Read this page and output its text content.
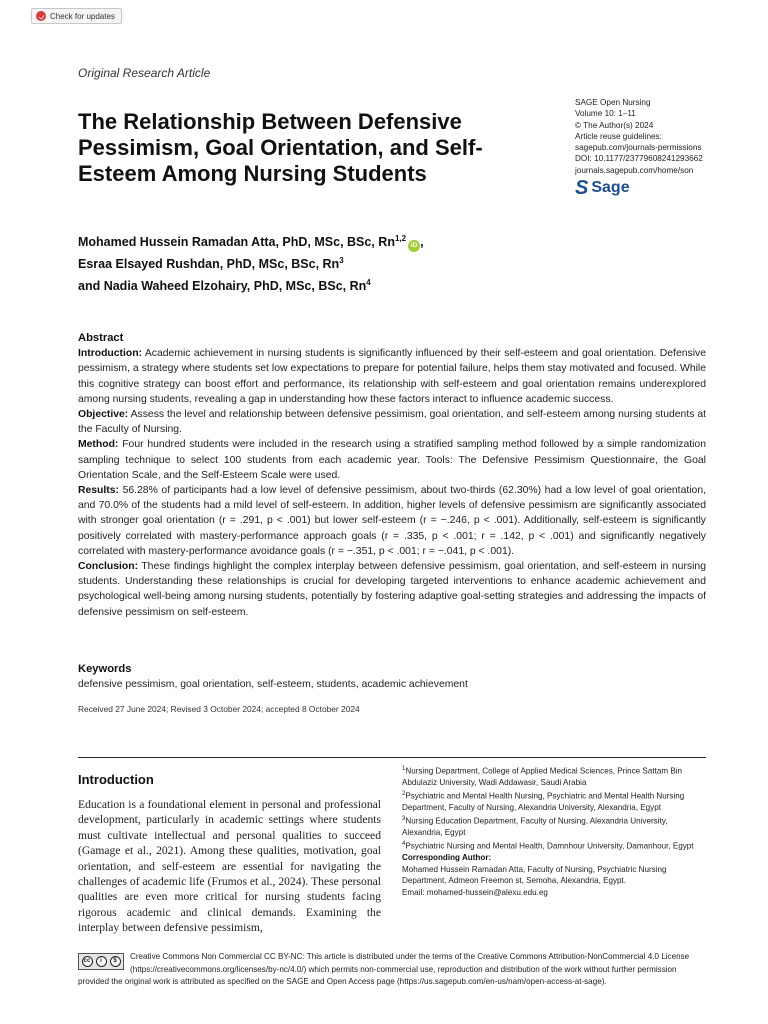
Check for updates
Original Research Article
The Relationship Between Defensive Pessimism, Goal Orientation, and Self-Esteem Among Nursing Students
SAGE Open Nursing
Volume 10: 1–11
© The Author(s) 2024
Article reuse guidelines:
sagepub.com/journals-permissions
DOI: 10.1177/23779608241293662
journals.sagepub.com/home/son
S Sage
Mohamed Hussein Ramadan Atta, PhD, MSc, BSc, Rn$^{1,2}$iD ,
Esraa Elsayed Rushdan, PhD, MSc, BSc, Rn$^3$
and Nadia Waheed Elzohairy, PhD, MSc, BSc, Rn$^4$
Abstract

Introduction: Academic achievement in nursing students is significantly influenced by their self-esteem and goal orientation. Defensive pessimism, a strategy where students set low expectations to prepare for potential failure, helps them stay motivated and focused. While this cognitive strategy can boost effort and performance, its relationship with self-esteem and goal orientation remains underexplored among nursing students, revealing a gap in understanding how these factors interact to influence academic success.

Objective: Assess the level and relationship between defensive pessimism, goal orientation, and self-esteem among nursing students at the Faculty of Nursing.

Method: Four hundred students were included in the research using a stratified sampling method followed by a simple randomization sampling technique to select 100 students from each academic year. Tools: The Defensive Pessimism Questionnaire, the Goal Orientation Scale, and the Self-Esteem Scale were used.

Results: 56.28% of participants had a low level of defensive pessimism, about two-thirds (62.30%) had a low level of goal orientation, and 70.0% of the students had a mild level of self-esteem. In addition, higher levels of defensive pessimism are significantly associated with stronger goal orientation (r = .291, p < .001) but lower self-esteem (r = −.246, p < .001). Additionally, self-esteem is significantly positively correlated with mastery-performance approach goals (r = .335, p < .001; r = .142, p < .001) and significantly negatively correlated with mastery-performance avoidance goals (r = −.351, p < .001; r = −.041, p < .001).

Conclusion: These findings highlight the complex interplay between defensive pessimism, goal orientation, and self-esteem in nursing students. Understanding these relationships is crucial for developing targeted interventions to enhance academic achievement and psychological well-being among nursing students, potentially by fostering adaptive goal-setting strategies and addressing the impacts of defensive pessimism on self-esteem.

Keywords
defensive pessimism, goal orientation, self-esteem, students, academic achievement
Received 27 June 2024; Revised 3 October 2024; accepted 8 October 2024
Introduction

Education is a foundational element in personal and professional development, particularly in academic settings where students must cultivate intellectual and personal qualities to succeed (Gamage et al., 2021). Among these qualities, motivation, goal orientation, and self-esteem are essential for navigating the challenges of academic life (Frumos et al., 2024). These personal qualities are even more critical for nursing students facing rigorous academic and clinical demands. Examining the interplay between defensive pessimism,

$^1$Nursing Department, College of Applied Medical Sciences, Prince Sattam Bin Abdulaziz University, Wadi Addawasir, Saudi Arabia
$^2$Psychiatric and Mental Health Nursing, Psychiatric and Mental Health Nursing Department, Faculty of Nursing, Alexandria University, Alexandria, Egypt
$^3$Nursing Education Department, Faculty of Nursing, Alexandria University, Alexandria, Egypt
$^4$Psychiatric Nursing and Mental Health, Damnhour University, Damanhour, Egypt
Corresponding Author:
Mohamed Hussein Ramadan Atta, Faculty of Nursing, Psychiatric Nursing Department, Admeon Freemon st, Semoha, Alexandria, Egypt.
Email: mohamed-hussein@alexu.edu.eg
cc	i	$	Creative Commons Non Commercial CC BY-NC: This article is distributed under the terms of the Creative Commons Attribution-NonCommercial 4.0 License (https://creativecommons.org/licenses/by-nc/4.0/) which permits non-commercial use, reproduction and distribution of the work without further permission provided the original work is attributed as specified on the SAGE and Open Access page (https://us.sagepub.com/en-us/nam/open-access-at-sage).
